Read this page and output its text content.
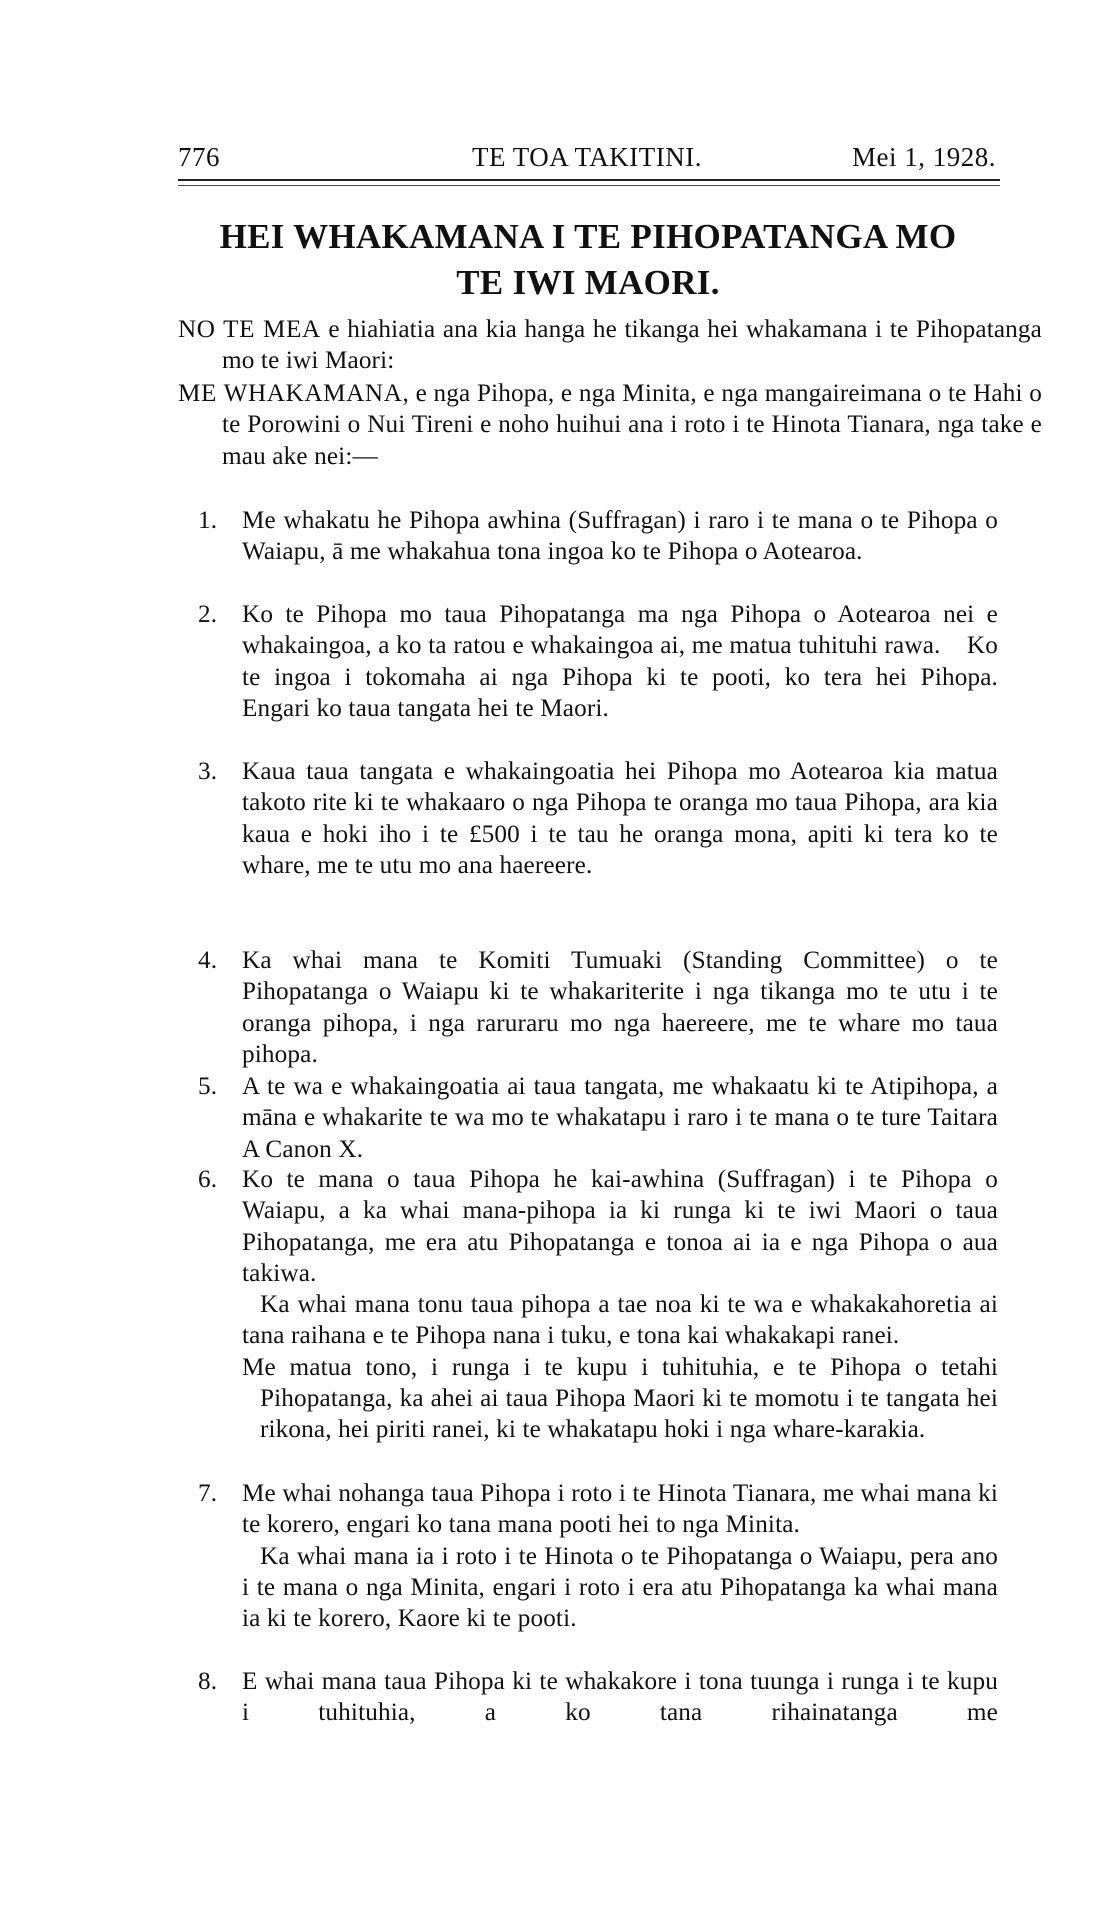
776	TE TOA TAKITINI.	Mei 1, 1928.
HEI WHAKAMANA I TE PIHOPATANGA MO
TE IWI MAORI.
NO TE MEA e hiahiatia ana kia hanga he tikanga hei whakamana i te Pihopatanga mo te iwi Maori:
ME WHAKAMANA, e nga Pihopa, e nga Minita, e nga mangaireimana o te Hahi o te Porowini o Nui Tireni e noho huihui ana i roto i te Hinota Tianara, nga take e mau ake nei:—
1. Me whakatu he Pihopa awhina (Suffragan) i raro i te mana o te Pihopa o Waiapu, ā me whakahua tona ingoa ko te Pihopa o Aotearoa.
2. Ko te Pihopa mo taua Pihopatanga ma nga Pihopa o Aotearoa nei e whakaingoa, a ko ta ratou e whakaingoa ai, me matua tuhituhi rawa.    Ko te ingoa i tokomaha ai nga Pihopa ki te pooti, ko tera hei Pihopa.    Engari ko taua tangata hei te Maori.
3. Kaua taua tangata e whakaingoatia hei Pihopa mo Aotearoa kia matua takoto rite ki te whakaaro o nga Pihopa te oranga mo taua Pihopa, ara kia kaua e hoki iho i te £500 i te tau he oranga mona, apiti ki tera ko te whare, me te utu mo ana haereere.
4. Ka whai mana te Komiti Tumuaki (Standing Committee) o te Pihopatanga o Waiapu ki te whakariterite i nga tikanga mo te utu i te oranga pihopa, i nga raruraru mo nga haereere, me te whare mo taua pihopa.
5. A te wa e whakaingoatia ai taua tangata, me whakaatu ki te Atipihopa, a māna e whakarite te wa mo te whakatapu i raro i te mana o te ture Taitara A Canon X.
6. Ko te mana o taua Pihopa he kai-awhina (Suffragan) i te Pihopa o Waiapu, a ka whai mana-pihopa ia ki runga ki te iwi Maori o taua Pihopatanga, me era atu Pihopatanga e tonoa ai ia e nga Pihopa o aua takiwa.
Ka whai mana tonu taua pihopa a tae noa ki te wa e whakakahoretia ai tana raihana e te Pihopa nana i tuku, e tona kai whakakapi ranei.
Me matua tono, i runga i te kupu i tuhituhia, e te Pihopa o tetahi Pihopatanga, ka ahei ai taua Pihopa Maori ki te momotu i te tangata hei rikona, hei piriti ranei, ki te whakatapu hoki i nga whare-karakia.
7. Me whai nohanga taua Pihopa i roto i te Hinota Tianara, me whai mana ki te korero, engari ko tana mana pooti hei to nga Minita.
Ka whai mana ia i roto i te Hinota o te Pihopatanga o Waiapu, pera ano i te mana o nga Minita, engari i roto i era atu Pihopatanga ka whai mana ia ki te korero, Kaore ki te pooti.
8. E whai mana taua Pihopa ki te whakakore i tona tuunga i runga i te kupu i tuhituhia, a ko tana rihainatanga me
